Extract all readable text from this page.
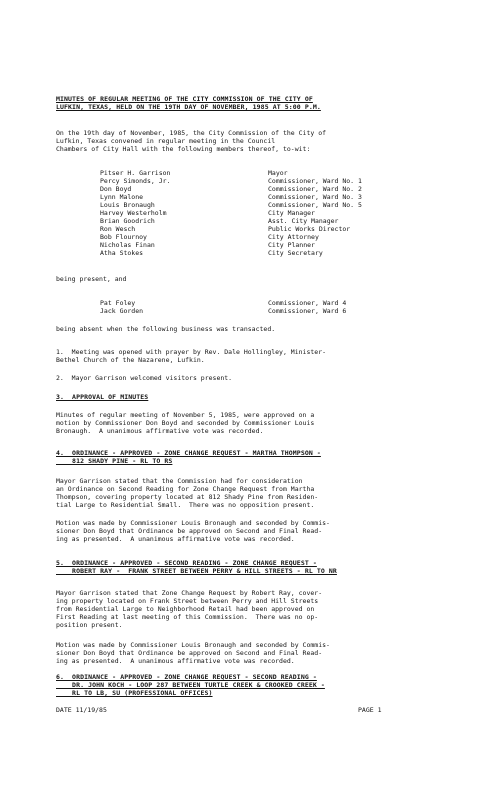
MINUTES OF REGULAR MEETING OF THE CITY COMMISSION OF THE CITY OF
LUFKIN, TEXAS, HELD ON THE 19TH DAY OF NOVEMBER, 1985 AT 5:00 P.M.
On the 19th day of November, 1985, the City Commission of the City of
Lufkin, Texas convened in regular meeting in the Council
Chambers of City Hall with the following members thereof, to-wit:
Pitser H. Garrison	Mayor
Percy Simonds, Jr.	Commissioner, Ward No. 1
Don Boyd	Commissioner, Ward No. 2
Lynn Malone	Commissioner, Ward No. 3
Louis Bronaugh	Commissioner, Ward No. 5
Harvey Westerholm	City Manager
Brian Goodrich	Asst. City Manager
Ron Wesch	Public Works Director
Bob Flournoy	City Attorney
Nicholas Finan	City Planner
Atha Stokes	City Secretary
being present, and
Pat Foley	Commissioner, Ward 4
Jack Gorden	Commissioner, Ward 6
being absent when the following business was transacted.
1.  Meeting was opened with prayer by Rev. Dale Hollingley, Minister-
Bethel Church of the Nazarene, Lufkin.
2.  Mayor Garrison welcomed visitors present.
3.  APPROVAL OF MINUTES
Minutes of regular meeting of November 5, 1985, were approved on a
motion by Commissioner Don Boyd and seconded by Commissioner Louis
Bronaugh.  A unanimous affirmative vote was recorded.
4.  ORDINANCE - APPROVED - ZONE CHANGE REQUEST - MARTHA THOMPSON -
812 SHADY PINE - RL TO RS
Mayor Garrison stated that the Commission had for consideration
an Ordinance on Second Reading for Zone Change Request from Martha
Thompson, covering property located at 812 Shady Pine from Residen-
tial Large to Residential Small.  There was no opposition present.
Motion was made by Commissioner Louis Bronaugh and seconded by Commis-
sioner Don Boyd that Ordinance be approved on Second and Final Read-
ing as presented.  A unanimous affirmative vote was recorded.
5.  ORDINANCE - APPROVED - SECOND READING - ZONE CHANGE REQUEST -
ROBERT RAY -  FRANK STREET BETWEEN PERRY & HILL STREETS - RL TO NR
Mayor Garrison stated that Zone Change Request by Robert Ray, cover-
ing property located on Frank Street between Perry and Hill Streets
from Residential Large to Neighborhood Retail had been approved on
First Reading at last meeting of this Commission.  There was no op-
position present.
Motion was made by Commissioner Louis Bronaugh and seconded by Commis-
sioner Don Boyd that Ordinance be approved on Second and Final Read-
ing as presented.  A unanimous affirmative vote was recorded.
6.  ORDINANCE - APPROVED - ZONE CHANGE REQUEST - SECOND READING -
DR. JOHN KOCH - LOOP 287 BETWEEN TURTLE CREEK & CROOKED CREEK -
RL TO LB, SU (PROFESSIONAL OFFICES)
DATE 11/19/85	PAGE 1
